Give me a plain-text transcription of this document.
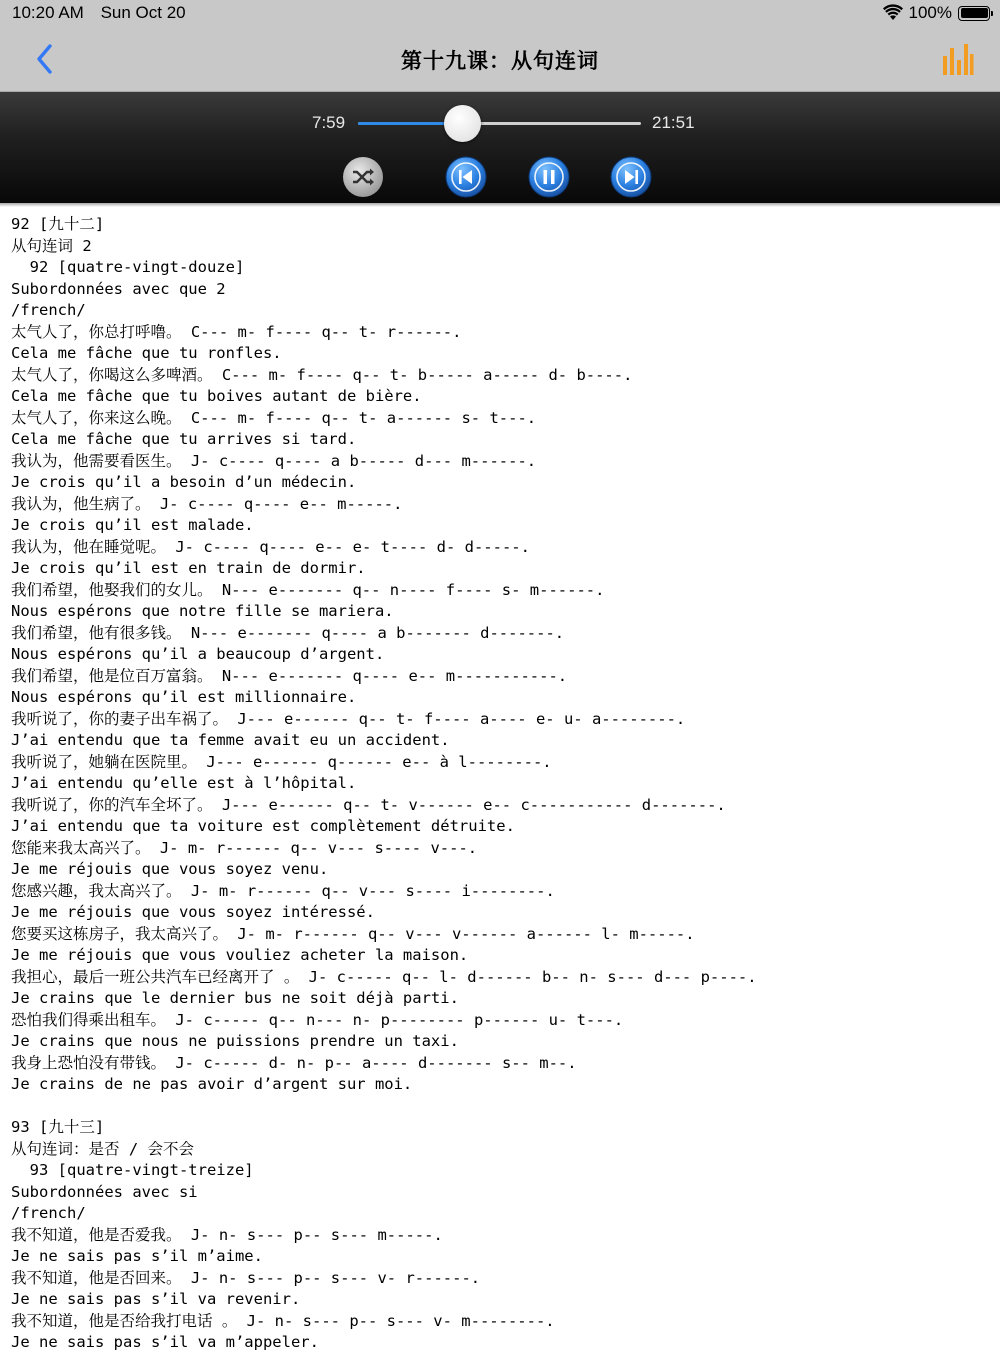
10:20 AM Sun Oct 20	100%
第十九课：从句连词
7:59	21:51
92 [九十二]
从句连词 2
92 [quatre-vingt-douze]
Subordonnées avec que 2
/french/
太气人了，你总打呼噜。 C--- m- f---- q-- t- r------.
Cela me fâche que tu ronfles.
太气人了，你喝这么多啤酒。 C--- m- f---- q-- t- b----- a----- d- b----.
Cela me fâche que tu boives autant de bière.
太气人了，你来这么晚。 C--- m- f---- q-- t- a------ s- t---.
Cela me fâche que tu arrives si tard.
我认为，他需要看医生。 J- c---- q---- a b----- d--- m------.
Je crois qu’il a besoin d’un médecin.
我认为，他生病了。 J- c---- q---- e-- m-----.
Je crois qu’il est malade.
我认为，他在睡觉呢。 J- c---- q---- e-- e- t---- d- d-----.
Je crois qu’il est en train de dormir.
我们希望，他娶我们的女儿。 N--- e------- q-- n---- f---- s- m------.
Nous espérons que notre fille se mariera.
我们希望，他有很多钱。 N--- e------- q---- a b------- d-------.
Nous espérons qu’il a beaucoup d’argent.
我们希望，他是位百万富翁。 N--- e------- q---- e-- m-----------.
Nous espérons qu’il est millionnaire.
我听说了，你的妻子出车祸了。 J--- e------ q-- t- f---- a---- e- u- a--------.
J’ai entendu que ta femme avait eu un accident.
我听说了，她躺在医院里。 J--- e------ q------ e-- à l--------.
J’ai entendu qu’elle est à l’hôpital.
我听说了，你的汽车全坏了。 J--- e------ q-- t- v------ e-- c----------- d-------.
J’ai entendu que ta voiture est complètement détruite.
您能来我太高兴了。 J- m- r------ q-- v--- s---- v---.
Je me réjouis que vous soyez venu.
您感兴趣，我太高兴了。 J- m- r------ q-- v--- s---- i--------.
Je me réjouis que vous soyez intéressé.
您要买这栋房子，我太高兴了。 J- m- r------ q-- v--- v------ a------ l- m-----.
Je me réjouis que vous vouliez acheter la maison.
我担心，最后一班公共汽车已经离开了 。 J- c----- q-- l- d------ b-- n- s--- d--- p----.
Je crains que le dernier bus ne soit déjà parti.
恐怕我们得乘出租车。 J- c----- q-- n--- n- p-------- p------ u- t---.
Je crains que nous ne puissions prendre un taxi.
我身上恐怕没有带钱。 J- c----- d- n- p-- a---- d------- s-- m--.
Je crains de ne pas avoir d’argent sur moi.
93 [九十三]
从句连词：是否 / 会不会
93 [quatre-vingt-treize]
Subordonnées avec si
/french/
我不知道，他是否爱我。 J- n- s--- p-- s--- m-----.
Je ne sais pas s’il m’aime.
我不知道，他是否回来。 J- n- s--- p-- s--- v- r------.
Je ne sais pas s’il va revenir.
我不知道，他是否给我打电话 。 J- n- s--- p-- s--- v- m--------.
Je ne sais pas s’il va m’appeler.
